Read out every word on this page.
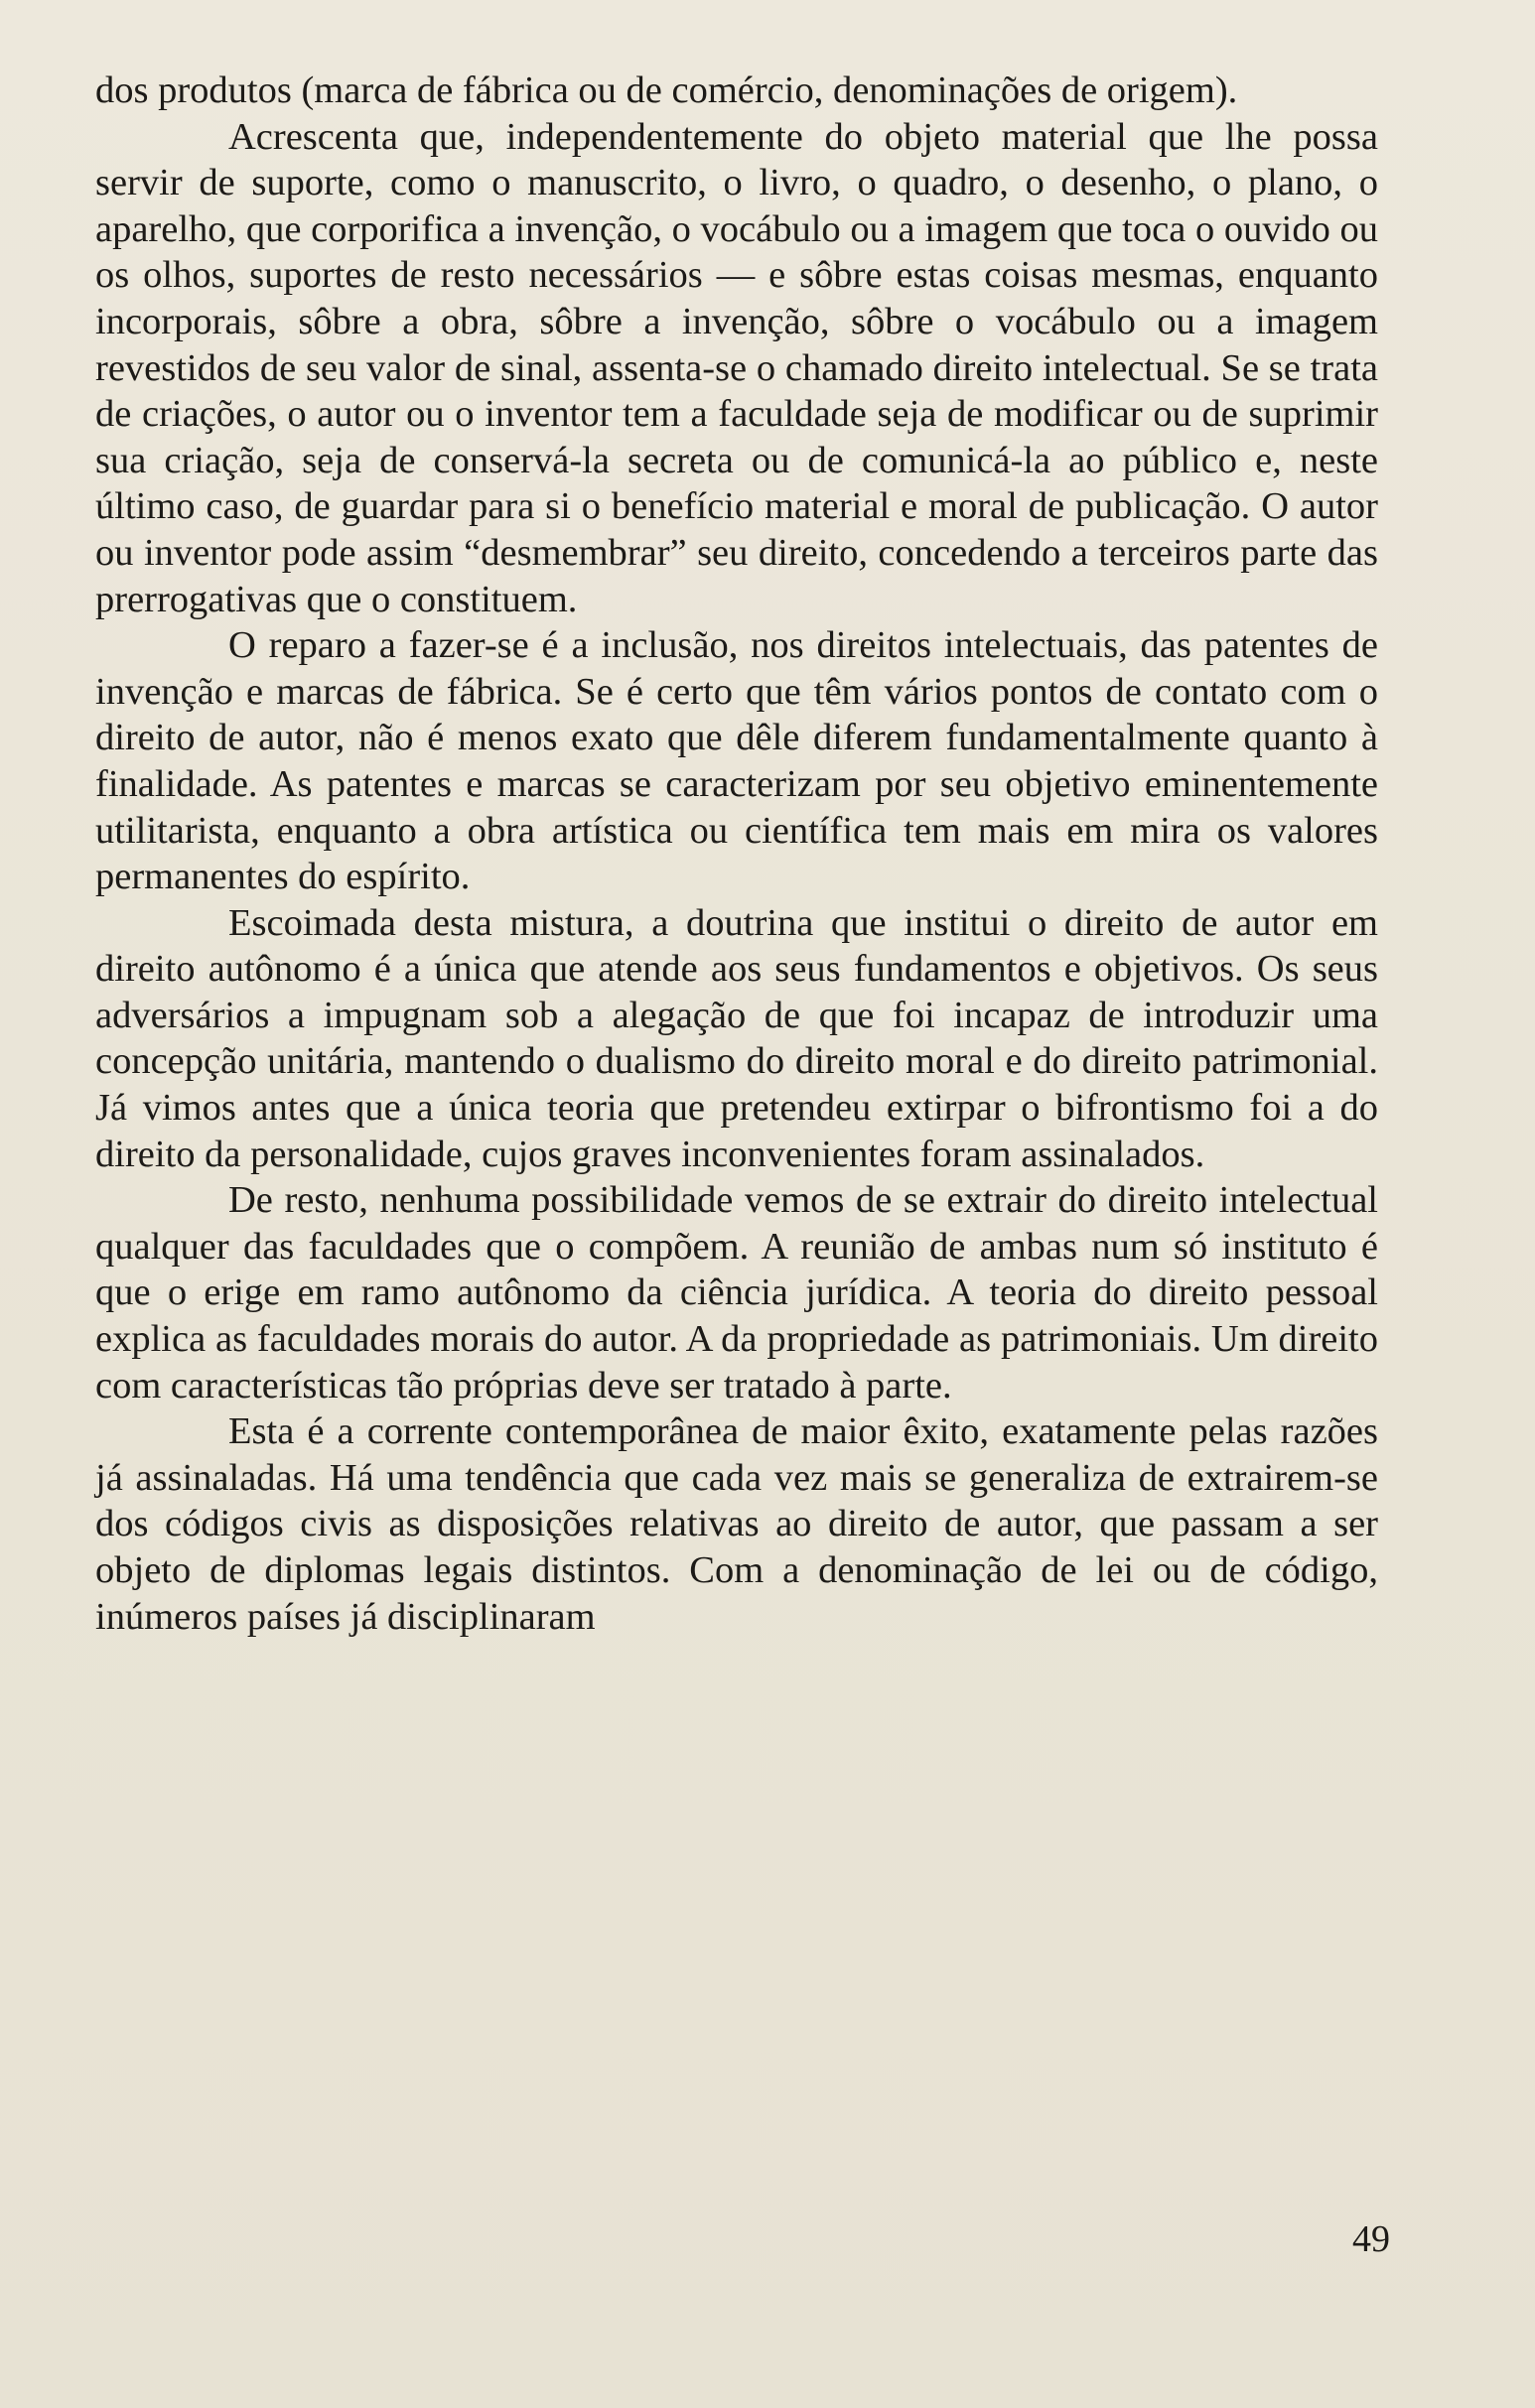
dos produtos (marca de fábrica ou de comércio, denominações de origem).

Acrescenta que, independentemente do objeto material que lhe possa servir de suporte, como o manuscrito, o livro, o quadro, o desenho, o plano, o aparelho, que corporifica a invenção, o vocábulo ou a imagem que toca o ouvido ou os olhos, suportes de resto necessários — e sôbre estas coisas mesmas, enquanto incorporais, sôbre a obra, sôbre a invenção, sôbre o vocábulo ou a imagem revestidos de seu valor de sinal, assenta-se o chamado direito intelectual. Se se trata de criações, o autor ou o inventor tem a faculdade seja de modificar ou de suprimir sua criação, seja de conservá-la secreta ou de comunicá-la ao público e, neste último caso, de guardar para si o benefício material e moral de publicação. O autor ou inventor pode assim “desmembrar” seu direito, concedendo a terceiros parte das prerrogativas que o constituem.

O reparo a fazer-se é a inclusão, nos direitos intelectuais, das patentes de invenção e marcas de fábrica. Se é certo que têm vários pontos de contato com o direito de autor, não é menos exato que dêle diferem fundamentalmente quanto à finalidade. As patentes e marcas se caracterizam por seu objetivo eminentemente utilitarista, enquanto a obra artística ou científica tem mais em mira os valores permanentes do espírito.

Escoimada desta mistura, a doutrina que institui o direito de autor em direito autônomo é a única que atende aos seus fundamentos e objetivos. Os seus adversários a impugnam sob a alegação de que foi incapaz de introduzir uma concepção unitária, mantendo o dualismo do direito moral e do direito patrimonial. Já vimos antes que a única teoria que pretendeu extirpar o bifrontismo foi a do direito da personalidade, cujos graves inconvenientes foram assinalados.

De resto, nenhuma possibilidade vemos de se extrair do direito intelectual qualquer das faculdades que o compõem. A reunião de ambas num só instituto é que o erige em ramo autônomo da ciência jurídica. A teoria do direito pessoal explica as faculdades morais do autor. A da propriedade as patrimoniais. Um direito com características tão próprias deve ser tratado à parte.

Esta é a corrente contemporânea de maior êxito, exatamente pelas razões já assinaladas. Há uma tendência que cada vez mais se generaliza de extrairem-se dos códigos civis as disposições relativas ao direito de autor, que passam a ser objeto de diplomas legais distintos. Com a denominação de lei ou de código, inúmeros países já disciplinaram

49
